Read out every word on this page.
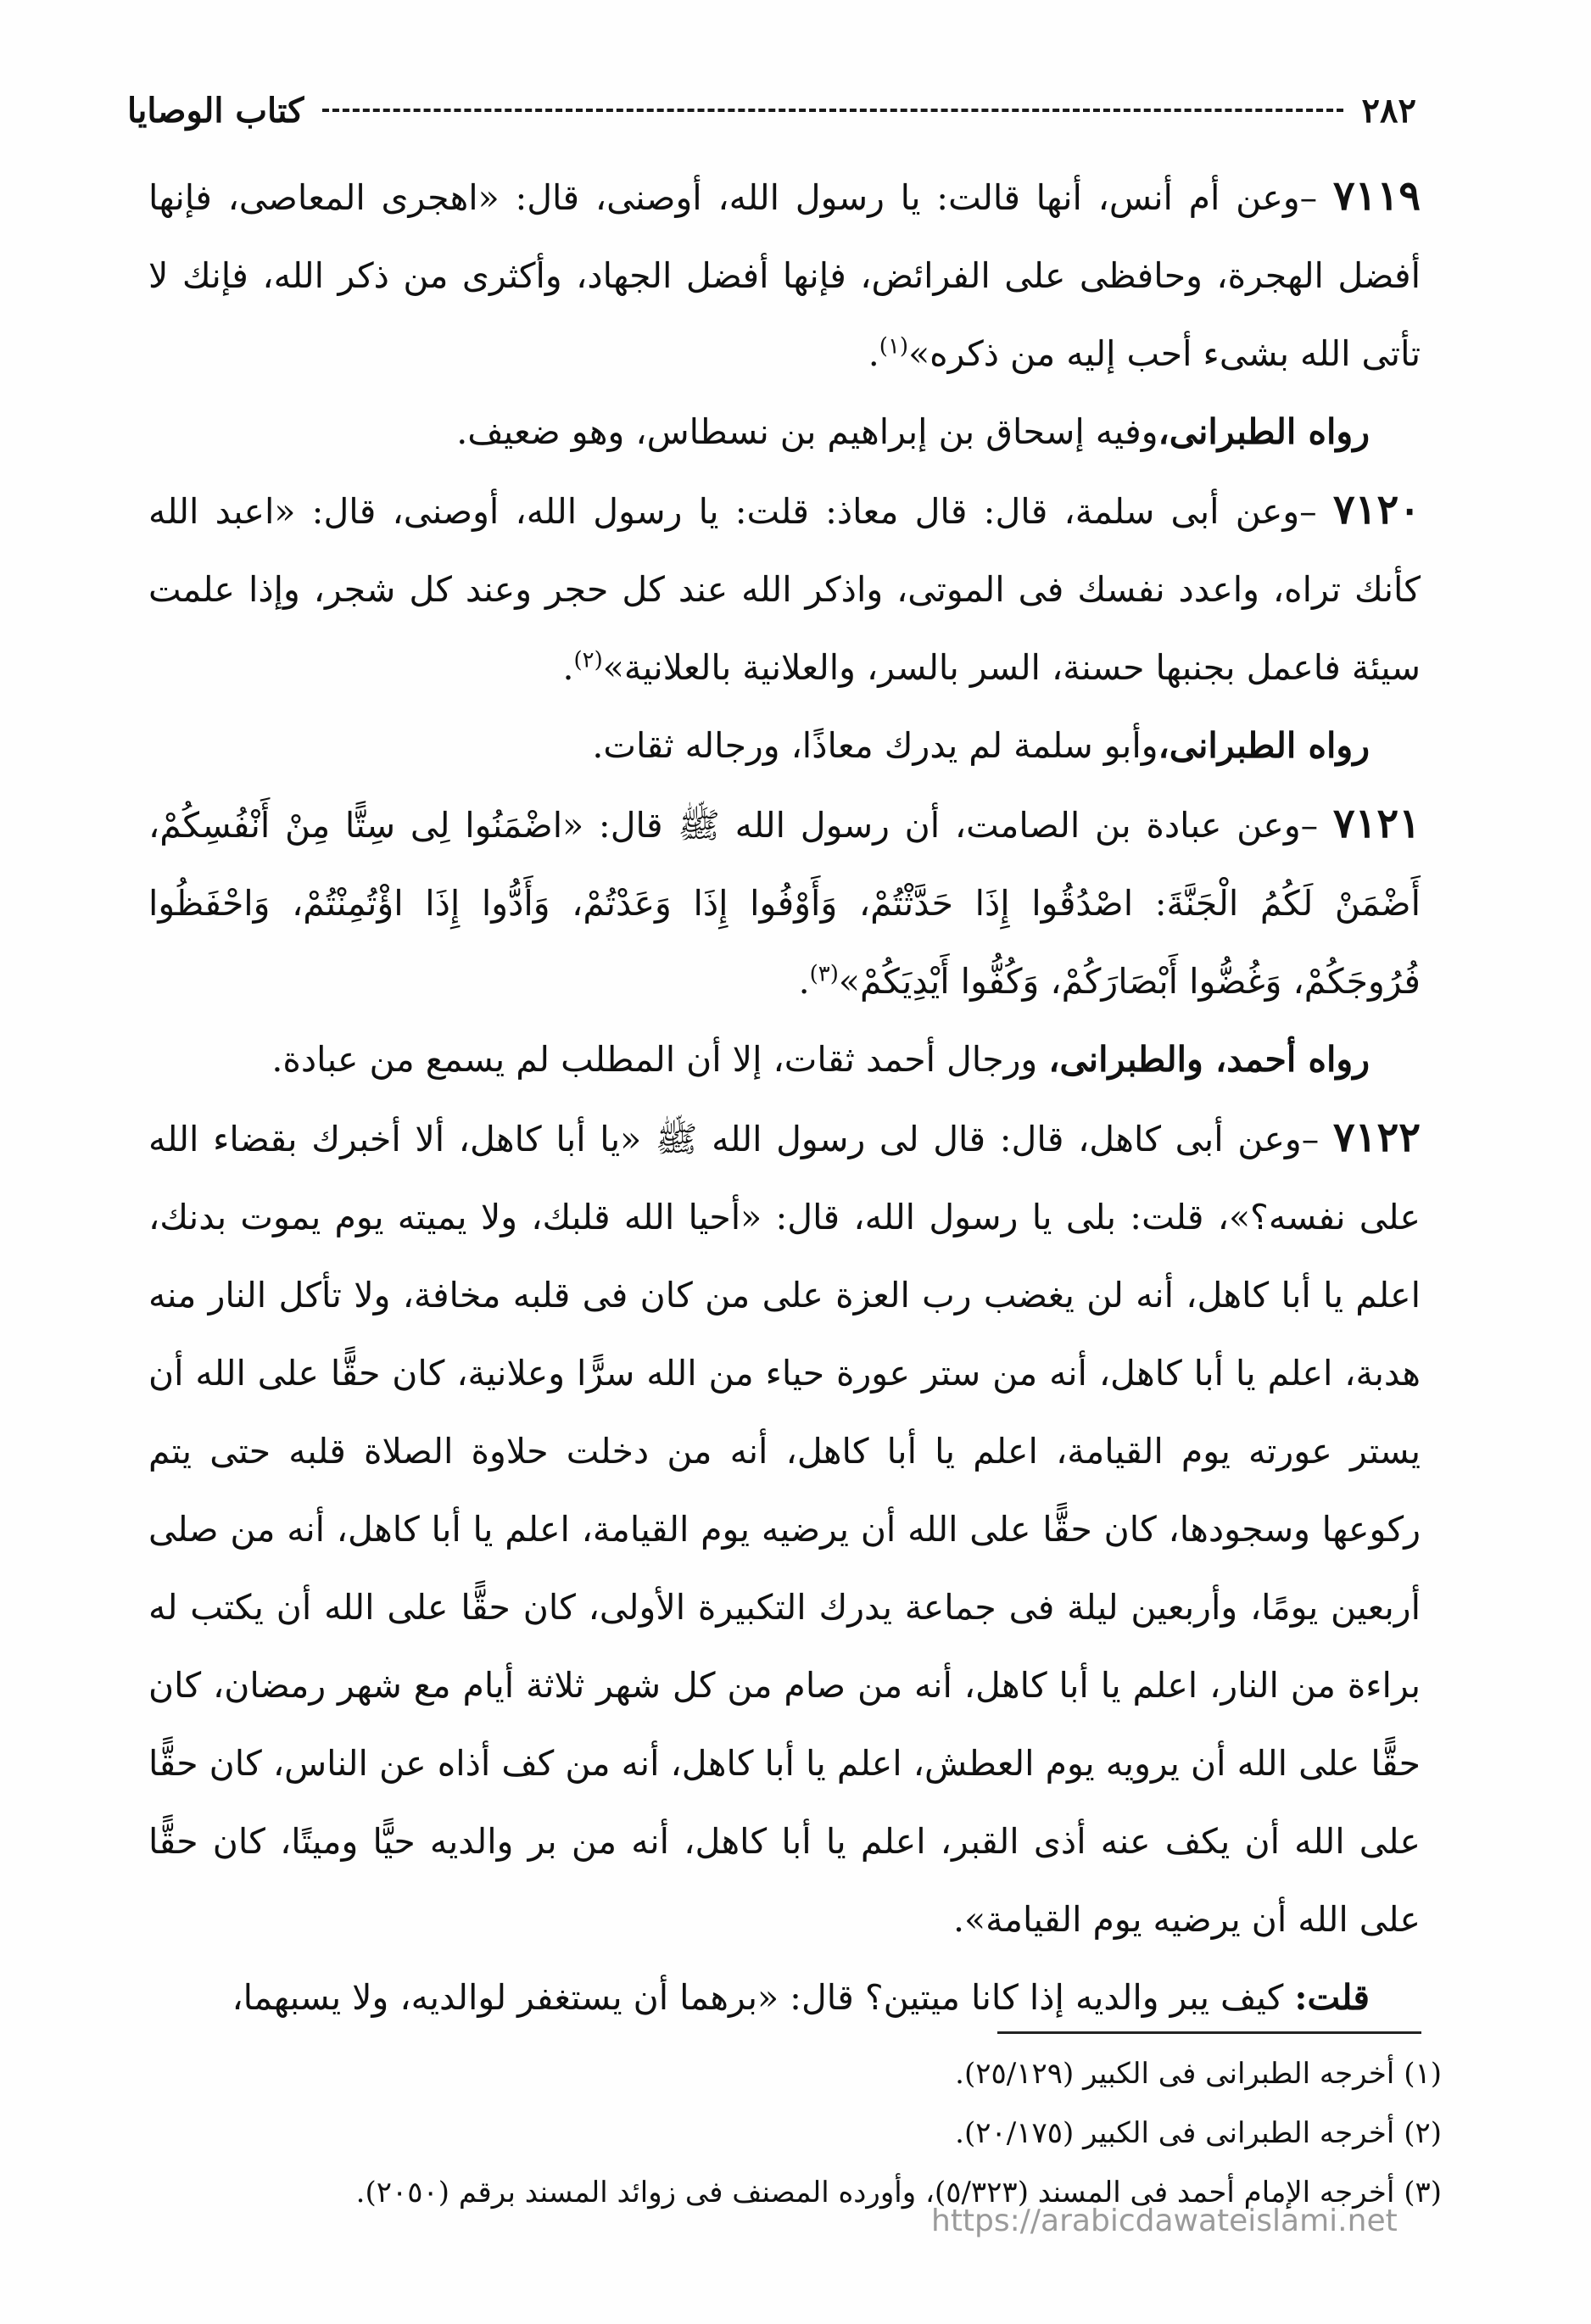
٢٨٢
كتاب الوصايا

٧١١٩ –وعن أم أنس، أنها قالت: يا رسول الله، أوصنى، قال: «اهجرى المعاصى، فإنها أفضل الهجرة، وحافظى على الفرائض، فإنها أفضل الجهاد، وأكثرى من ذكر الله، فإنك لا تأتى الله بشىء أحب إليه من ذكره»$^{(١)}$.

رواه الطبرانى،وفيه إسحاق بن إبراهيم بن نسطاس، وهو ضعيف.

٧١٢٠ –وعن أبى سلمة، قال: قال معاذ: قلت: يا رسول الله، أوصنى، قال: «اعبد الله كأنك تراه، واعدد نفسك فى الموتى، واذكر الله عند كل حجر وعند كل شجر، وإذا علمت سيئة فاعمل بجنبها حسنة، السر بالسر، والعلانية بالعلانية»$^{(٢)}$.

رواه الطبرانى،وأبو سلمة لم يدرك معاذًا، ورجاله ثقات.

٧١٢١ –وعن عبادة بن الصامت، أن رسول الله ﷺ قال: «اضْمَنُوا لِى سِتًّا مِنْ أَنْفُسِكُمْ، أَضْمَنْ لَكُمُ الْجَنَّةَ: اصْدُقُوا إِذَا حَدَّثْتُمْ، وَأَوْفُوا إِذَا وَعَدْتُمْ، وَأَدُّوا إِذَا اؤْتُمِنْتُمْ، وَاحْفَظُوا فُرُوجَكُمْ، وَغُضُّوا أَبْصَارَكُمْ، وَكُفُّوا أَيْدِيَكُمْ»$^{(٣)}$.

رواه أحمد، والطبرانى، ورجال أحمد ثقات، إلا أن المطلب لم يسمع من عبادة.

٧١٢٢ –وعن أبى كاهل، قال: قال لى رسول الله ﷺ «يا أبا كاهل، ألا أخبرك بقضاء الله على نفسه؟»، قلت: بلى يا رسول الله، قال: «أحيا الله قلبك، ولا يميته يوم يموت بدنك، اعلم يا أبا كاهل، أنه لن يغضب رب العزة على من كان فى قلبه مخافة، ولا تأكل النار منه هدبة، اعلم يا أبا كاهل، أنه من ستر عورة حياء من الله سرًّا وعلانية، كان حقًّا على الله أن يستر عورته يوم القيامة، اعلم يا أبا كاهل، أنه من دخلت حلاوة الصلاة قلبه حتى يتم ركوعها وسجودها، كان حقًّا على الله أن يرضيه يوم القيامة، اعلم يا أبا كاهل، أنه من صلى أربعين يومًا، وأربعين ليلة فى جماعة يدرك التكبيرة الأولى، كان حقًّا على الله أن يكتب له براءة من النار، اعلم يا أبا كاهل، أنه من صام من كل شهر ثلاثة أيام مع شهر رمضان، كان حقًّا على الله أن يرويه يوم العطش، اعلم يا أبا كاهل، أنه من كف أذاه عن الناس، كان حقًّا على الله أن يكف عنه أذى القبر، اعلم يا أبا كاهل، أنه من بر والديه حيًّا وميتًا، كان حقًّا على الله أن يرضيه يوم القيامة».

قلت: كيف يبر والديه إذا كانا ميتين؟ قال: «برهما أن يستغفر لوالديه، ولا يسبهما،

(١) أخرجه الطبرانى فى الكبير (٢٥/١٢٩).

(٢) أخرجه الطبرانى فى الكبير (٢٠/١٧٥).

(٣) أخرجه الإمام أحمد فى المسند (٥/٣٢٣)، وأورده المصنف فى زوائد المسند برقم (٢٠٥٠).

https://arabicdawateislami.net
